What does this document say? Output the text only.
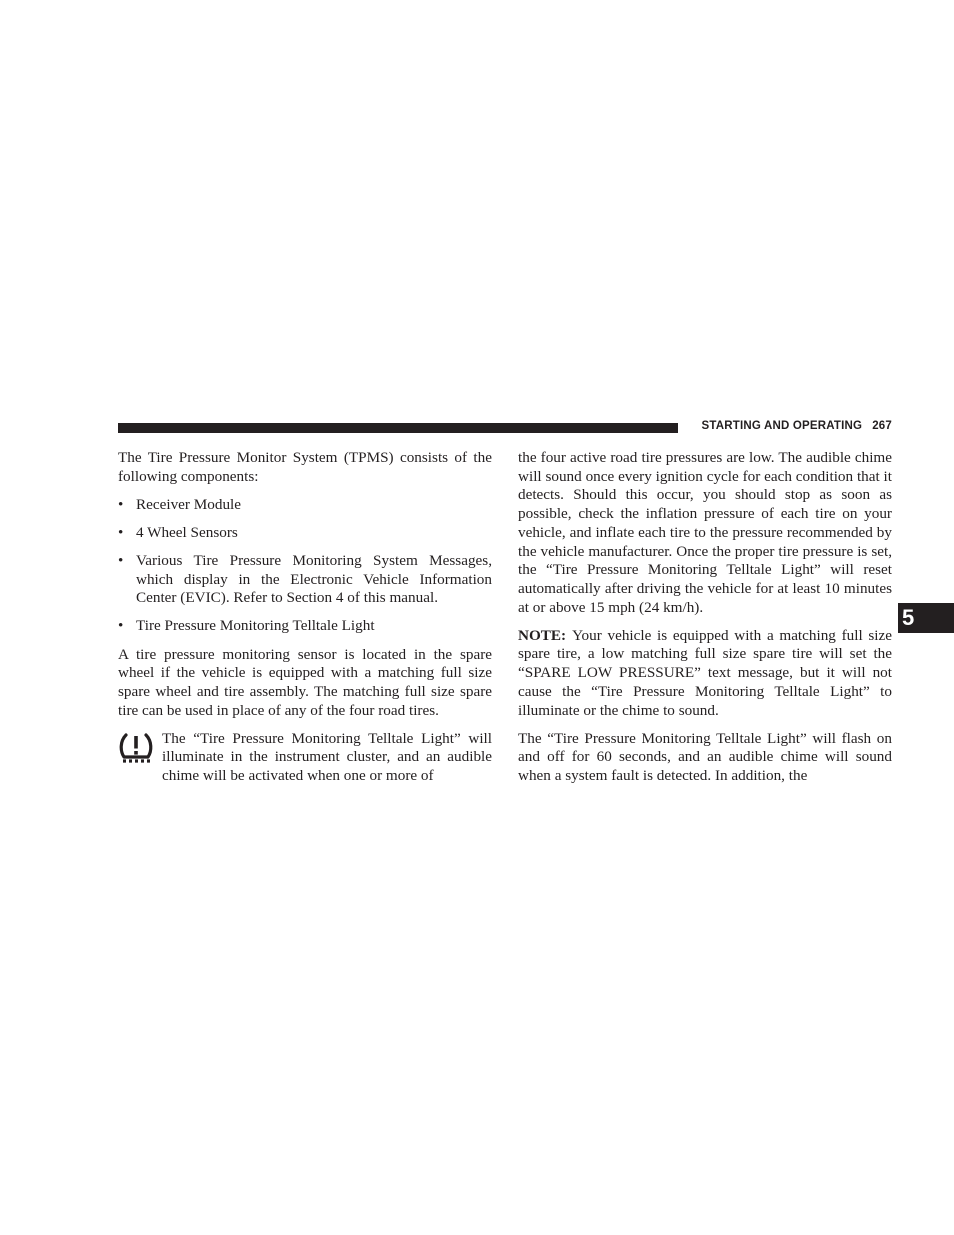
STARTING AND OPERATING 267

The Tire Pressure Monitor System (TPMS) consists of the following components:

• Receiver Module
• 4 Wheel Sensors
• Various Tire Pressure Monitoring System Messages, which display in the Electronic Vehicle Information Center (EVIC). Refer to Section 4 of this manual.
• Tire Pressure Monitoring Telltale Light

A tire pressure monitoring sensor is located in the spare wheel if the vehicle is equipped with a matching full size spare wheel and tire assembly. The matching full size spare tire can be used in place of any of the four road tires.

The “Tire Pressure Monitoring Telltale Light” will illuminate in the instrument cluster, and an audible chime will be activated when one or more of

the four active road tire pressures are low. The audible chime will sound once every ignition cycle for each condition that it detects. Should this occur, you should stop as soon as possible, check the inflation pressure of each tire on your vehicle, and inflate each tire to the pressure recommended by the vehicle manufacturer. Once the proper tire pressure is set, the “Tire Pressure Monitoring Telltale Light” will reset automatically after driving the vehicle for at least 10 minutes at or above 15 mph (24 km/h).

NOTE: Your vehicle is equipped with a matching full size spare tire, a low matching full size spare tire will set the “SPARE LOW PRESSURE” text message, but it will not cause the “Tire Pressure Monitoring Telltale Light” to illuminate or the chime to sound.

The “Tire Pressure Monitoring Telltale Light” will flash on and off for 60 seconds, and an audible chime will sound when a system fault is detected. In addition, the

5
